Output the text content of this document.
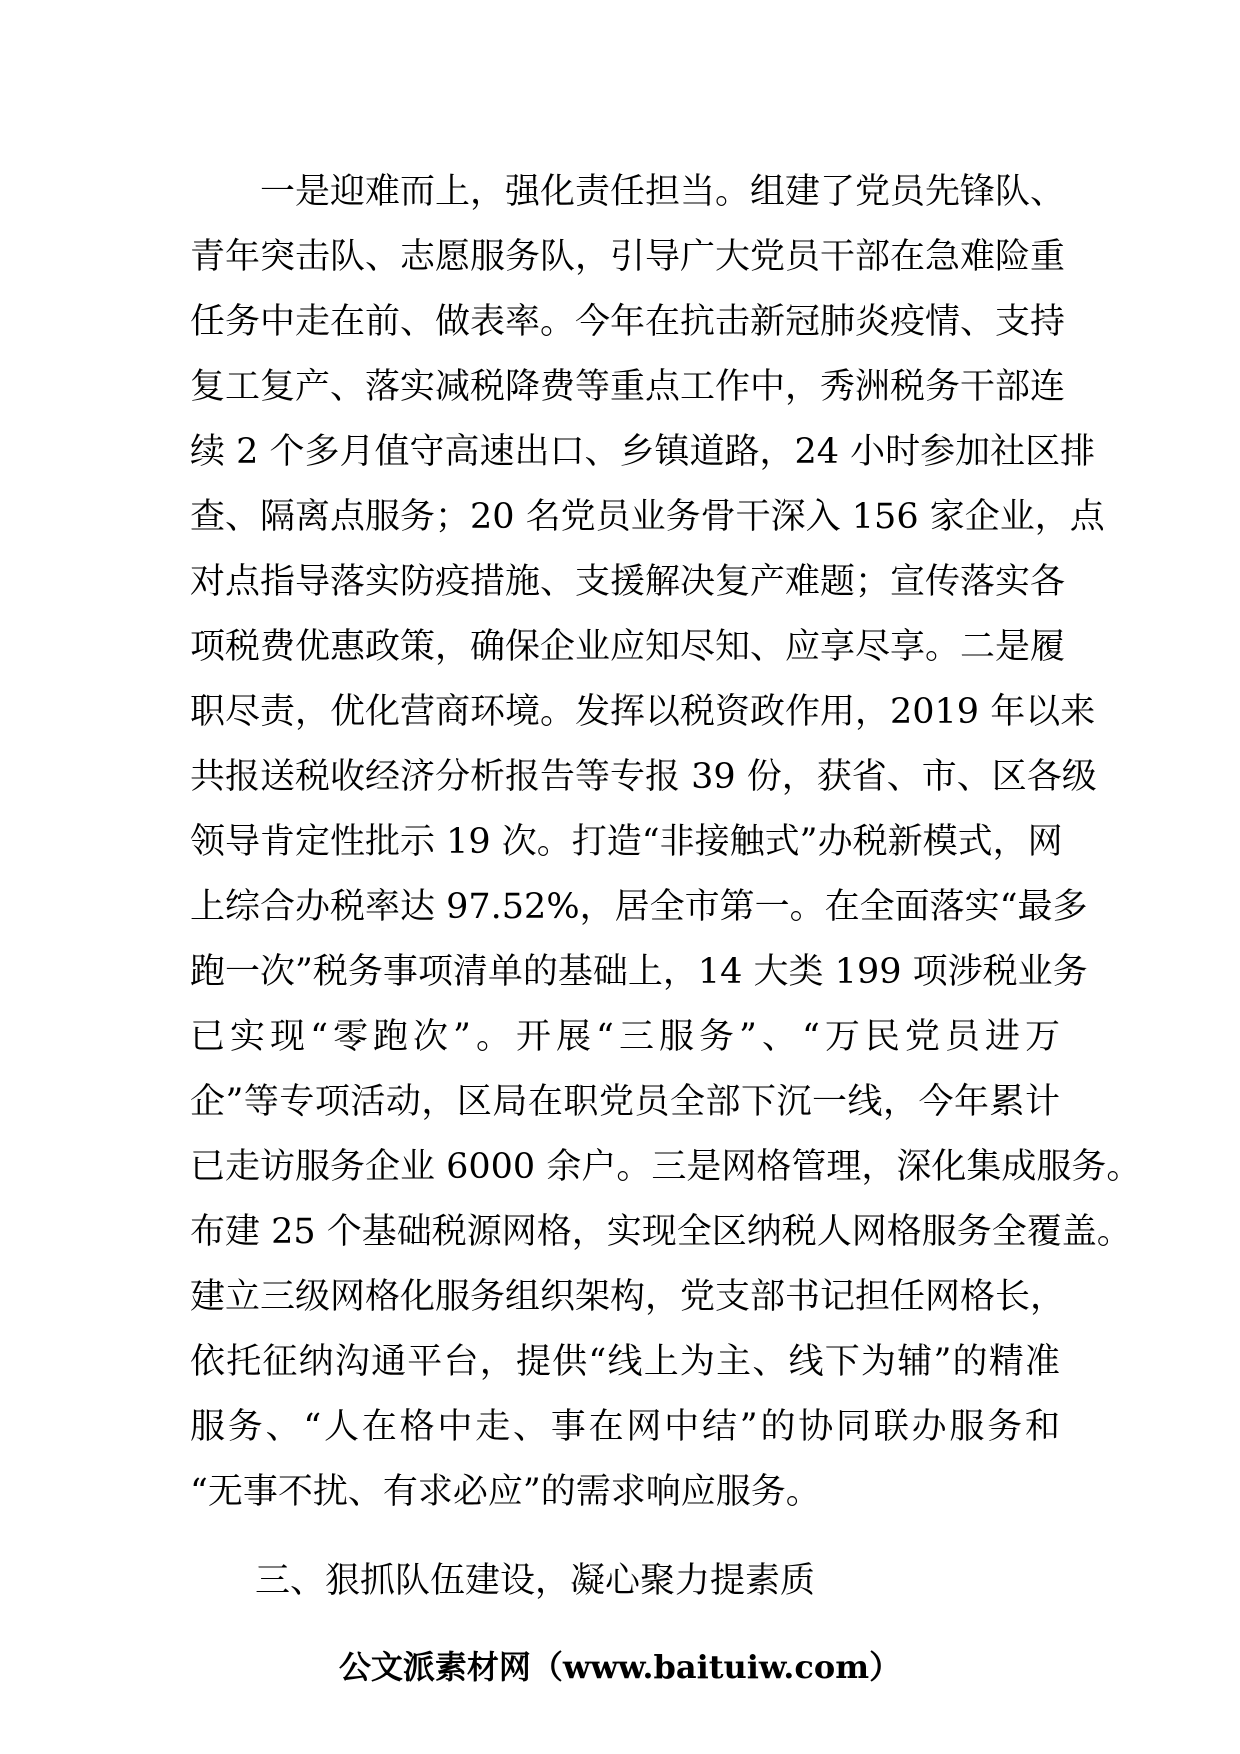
　　一是迎难而上，强化责任担当。组建了党员先锋队、
青年突击队、志愿服务队，引导广大党员干部在急难险重
任务中走在前、做表率。今年在抗击新冠肺炎疫情、支持
复工复产、落实减税降费等重点工作中，秀洲税务干部连
续 2 个多月值守高速出口、乡镇道路，24 小时参加社区排
查、隔离点服务；20 名党员业务骨干深入 156 家企业，点
对点指导落实防疫措施、支援解决复产难题；宣传落实各
项税费优惠政策，确保企业应知尽知、应享尽享。二是履
职尽责，优化营商环境。发挥以税资政作用，2019 年以来
共报送税收经济分析报告等专报 39 份，获省、市、区各级
领导肯定性批示 19 次。打造“非接触式”办税新模式，网
上综合办税率达 97.52%，居全市第一。在全面落实“最多
跑一次”税务事项清单的基础上，14 大类 199 项涉税业务
已实现“零跑次”。开展“三服务”、“万民党员进万
企”等专项活动，区局在职党员全部下沉一线，今年累计
已走访服务企业 6000 余户。三是网格管理，深化集成服务。
布建 25 个基础税源网格，实现全区纳税人网格服务全覆盖。
建立三级网格化服务组织架构，党支部书记担任网格长，
依托征纳沟通平台，提供“线上为主、线下为辅”的精准
服务、“人在格中走、事在网中结”的协同联办服务和
“无事不扰、有求必应”的需求响应服务。
三、狠抓队伍建设，凝心聚力提素质
公文派素材网（www.baituiw.com）
